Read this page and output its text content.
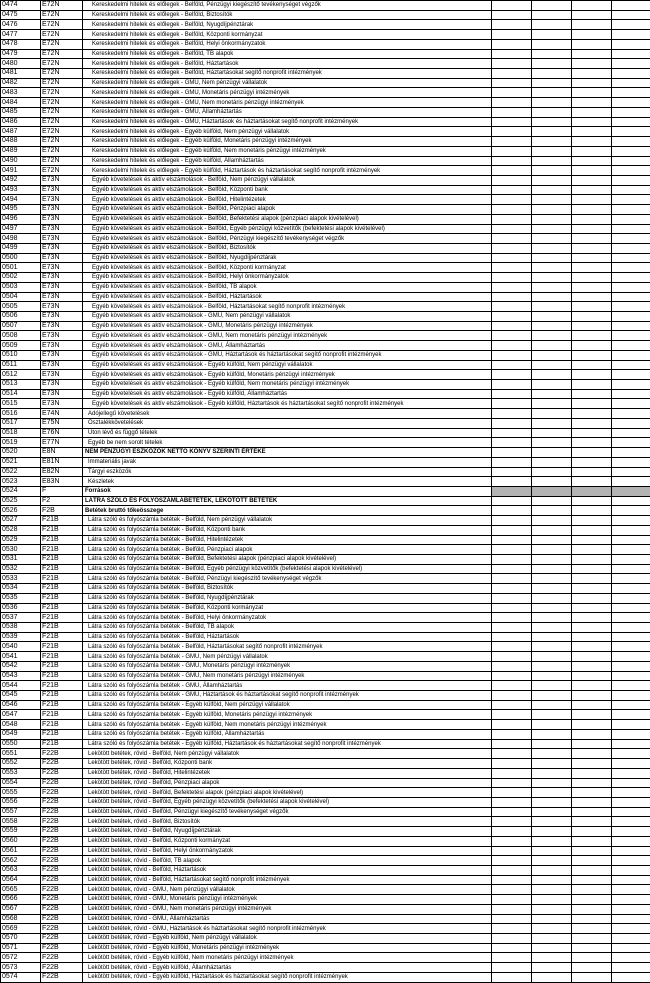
0474	E72N	Kereskedelmi hitelek és előlegek - Belföld, Pénzügyi kiegészítő tevékenységet végzők				
0475	E72N	Kereskedelmi hitelek és előlegek - Belföld, Biztosítók				
0476	E72N	Kereskedelmi hitelek és előlegek - Belföld, Nyugdíjpénztárak				
0477	E72N	Kereskedelmi hitelek és előlegek - Belföld, Központi kormányzat				
0478	E72N	Kereskedelmi hitelek és előlegek - Belföld, Helyi önkormányzatok				
0479	E72N	Kereskedelmi hitelek és előlegek - Belföld, TB alapok				
0480	E72N	Kereskedelmi hitelek és előlegek - Belföld, Háztartások				
0481	E72N	Kereskedelmi hitelek és előlegek - Belföld, Háztartásokat segítő nonprofit intézmények				
0482	E72N	Kereskedelmi hitelek és előlegek - GMU, Nem pénzügyi vállalatok				
0483	E72N	Kereskedelmi hitelek és előlegek - GMU, Monetáris pénzügyi intézmények				
0484	E72N	Kereskedelmi hitelek és előlegek - GMU, Nem monetáris pénzügyi intézmények				
0485	E72N	Kereskedelmi hitelek és előlegek - GMU, Államháztartás				
0486	E72N	Kereskedelmi hitelek és előlegek - GMU, Háztartások és háztartásokat segítő nonprofit intézmények				
0487	E72N	Kereskedelmi hitelek és előlegek - Egyéb külföld, Nem pénzügyi vállalatok				
0488	E72N	Kereskedelmi hitelek és előlegek - Egyéb külföld, Monetáris pénzügyi intézmények				
0489	E72N	Kereskedelmi hitelek és előlegek - Egyéb külföld, Nem monetáris pénzügyi intézmények				
0490	E72N	Kereskedelmi hitelek és előlegek - Egyéb külföld, Államháztartás				
0491	E72N	Kereskedelmi hitelek és előlegek - Egyéb külföld, Háztartások és háztartásokat segítő nonprofit intézmények				
0492	E73N	Egyéb követelések és aktív elszámolások - Belföld, Nem pénzügyi vállalatok				
0493	E73N	Egyéb követelések és aktív elszámolások - Belföld, Központi bank				
0494	E73N	Egyéb követelések és aktív elszámolások - Belföld, Hitelintézetek				
0495	E73N	Egyéb követelések és aktív elszámolások - Belföld, Pénzpiaci alapok				
0496	E73N	Egyéb követelések és aktív elszámolások - Belföld, Befektetési alapok (pénzpiaci alapok kivételével)				
0497	E73N	Egyéb követelések és aktív elszámolások - Belföld, Egyéb pénzügyi közvetítők (befektetési alapok kivételével)				
0498	E73N	Egyéb követelések és aktív elszámolások - Belföld, Pénzügyi kiegészítő tevékenységet végzők				
0499	E73N	Egyéb követelések és aktív elszámolások - Belföld, Biztosítók				
0500	E73N	Egyéb követelések és aktív elszámolások - Belföld, Nyugdíjpénztárak				
0501	E73N	Egyéb követelések és aktív elszámolások - Belföld, Központi kormányzat				
0502	E73N	Egyéb követelések és aktív elszámolások - Belföld, Helyi önkormányzatok				
0503	E73N	Egyéb követelések és aktív elszámolások - Belföld, TB alapok				
0504	E73N	Egyéb követelések és aktív elszámolások - Belföld, Háztartások				
0505	E73N	Egyéb követelések és aktív elszámolások - Belföld, Háztartásokat segítő nonprofit intézmények				
0506	E73N	Egyéb követelések és aktív elszámolások - GMU, Nem pénzügyi vállalatok				
0507	E73N	Egyéb követelések és aktív elszámolások - GMU, Monetáris pénzügyi intézmények				
0508	E73N	Egyéb követelések és aktív elszámolások - GMU, Nem monetáris pénzügyi intézmények				
0509	E73N	Egyéb követelések és aktív elszámolások - GMU, Államháztartás				
0510	E73N	Egyéb követelések és aktív elszámolások - GMU, Háztartások és háztartásokat segítő nonprofit intézmények				
0511	E73N	Egyéb követelések és aktív elszámolások - Egyéb külföld, Nem pénzügyi vállalatok				
0512	E73N	Egyéb követelések és aktív elszámolások - Egyéb külföld, Monetáris pénzügyi intézmények				
0513	E73N	Egyéb követelések és aktív elszámolások - Egyéb külföld, Nem monetáris pénzügyi intézmények				
0514	E73N	Egyéb követelések és aktív elszámolások - Egyéb külföld, Államháztartás				
0515	E73N	Egyéb követelések és aktív elszámolások - Egyéb külföld, Háztartások és háztartásokat segítő nonprofit intézmények				
0516	E74N	Adójellegű követelések				
0517	E75N	Osztalékkövetelések				
0518	E76N	Úton lévő és függő tételek				
0519	E77N	Egyéb be nem sorolt tételek				
0520	E8N	NEM PÉNZÜGYI ESZKÖZÖK NETTÓ KÖNYV SZERINTI ÉRTÉKE				
0521	E81N	Immateriális javak				
0522	E82N	Tárgyi eszközök				
0523	E83N	Készletek				
0524	F	Források				
0525	F2	LÁTRA SZÓLÓ ÉS FOLYÓSZÁMLABETÉTEK, LEKÖTÖTT BETÉTEK				
0526	F2B	Betétek bruttó tőkeösszege				
0527	F21B	Látra szóló és folyószámla betétek - Belföld, Nem pénzügyi vállalatok				
0528	F21B	Látra szóló és folyószámla betétek - Belföld, Központi bank				
0529	F21B	Látra szóló és folyószámla betétek - Belföld, Hitelintézetek				
0530	F21B	Látra szóló és folyószámla betétek - Belföld, Pénzpiaci alapok				
0531	F21B	Látra szóló és folyószámla betétek - Belföld, Befektetési alapok (pénzpiaci alapok kivételével)				
0532	F21B	Látra szóló és folyószámla betétek - Belföld, Egyéb pénzügyi közvetítők (befektetési alapok kivételével)				
0533	F21B	Látra szóló és folyószámla betétek - Belföld, Pénzügyi kiegészítő tevékenységet végzők				
0534	F21B	Látra szóló és folyószámla betétek - Belföld, Biztosítók				
0535	F21B	Látra szóló és folyószámla betétek - Belföld, Nyugdíjpénztárak				
0536	F21B	Látra szóló és folyószámla betétek - Belföld, Központi kormányzat				
0537	F21B	Látra szóló és folyószámla betétek - Belföld, Helyi önkormányzatok				
0538	F21B	Látra szóló és folyószámla betétek - Belföld, TB alapok				
0539	F21B	Látra szóló és folyószámla betétek - Belföld, Háztartások				
0540	F21B	Látra szóló és folyószámla betétek - Belföld, Háztartásokat segítő nonprofit intézmények				
0541	F21B	Látra szóló és folyószámla betétek - GMU, Nem pénzügyi vállalatok				
0542	F21B	Látra szóló és folyószámla betétek - GMU, Monetáris pénzügyi intézmények				
0543	F21B	Látra szóló és folyószámla betétek - GMU, Nem monetáris pénzügyi intézmények				
0544	F21B	Látra szóló és folyószámla betétek - GMU, Államháztartás				
0545	F21B	Látra szóló és folyószámla betétek - GMU, Háztartások és háztartásokat segítő nonprofit intézmények				
0546	F21B	Látra szóló és folyószámla betétek - Egyéb külföld, Nem pénzügyi vállalatok				
0547	F21B	Látra szóló és folyószámla betétek - Egyéb külföld, Monetáris pénzügyi intézmények				
0548	F21B	Látra szóló és folyószámla betétek - Egyéb külföld, Nem monetáris pénzügyi intézmények				
0549	F21B	Látra szóló és folyószámla betétek - Egyéb külföld, Államháztartás				
0550	F21B	Látra szóló és folyószámla betétek - Egyéb külföld, Háztartások és háztartásokat segítő nonprofit intézmények				
0551	F22B	Lekötött betétek, rövid - Belföld, Nem pénzügyi vállalatok				
0552	F22B	Lekötött betétek, rövid - Belföld, Központi bank				
0553	F22B	Lekötött betétek, rövid - Belföld, Hitelintézetek				
0554	F22B	Lekötött betétek, rövid - Belföld, Pénzpiaci alapok				
0555	F22B	Lekötött betétek, rövid - Belföld, Befektetési alapok (pénzpiaci alapok kivételével)				
0556	F22B	Lekötött betétek, rövid - Belföld, Egyéb pénzügyi közvetítők (befektetési alapok kivételével)				
0557	F22B	Lekötött betétek, rövid - Belföld, Pénzügyi kiegészítő tevékenységet végzők				
0558	F22B	Lekötött betétek, rövid - Belföld, Biztosítók				
0559	F22B	Lekötött betétek, rövid - Belföld, Nyugdíjpénztárak				
0560	F22B	Lekötött betétek, rövid - Belföld, Központi kormányzat				
0561	F22B	Lekötött betétek, rövid - Belföld, Helyi önkormányzatok				
0562	F22B	Lekötött betétek, rövid - Belföld, TB alapok				
0563	F22B	Lekötött betétek, rövid - Belföld, Háztartások				
0564	F22B	Lekötött betétek, rövid - Belföld, Háztartásokat segítő nonprofit intézmények				
0565	F22B	Lekötött betétek, rövid - GMU, Nem pénzügyi vállalatok				
0566	F22B	Lekötött betétek, rövid - GMU, Monetáris pénzügyi intézmények				
0567	F22B	Lekötött betétek, rövid - GMU, Nem monetáris pénzügyi intézmények				
0568	F22B	Lekötött betétek, rövid - GMU, Államháztartás				
0569	F22B	Lekötött betétek, rövid - GMU, Háztartások és háztartásokat segítő nonprofit intézmények				
0570	F22B	Lekötött betétek, rövid - Egyéb külföld, Nem pénzügyi vállalatok				
0571	F22B	Lekötött betétek, rövid - Egyéb külföld, Monetáris pénzügyi intézmények				
0572	F22B	Lekötött betétek, rövid - Egyéb külföld, Nem monetáris pénzügyi intézmények				
0573	F22B	Lekötött betétek, rövid - Egyéb külföld, Államháztartás				
0574	F22B	Lekötött betétek, rövid - Egyéb külföld, Háztartások és háztartásokat segítő nonprofit intézmények				
